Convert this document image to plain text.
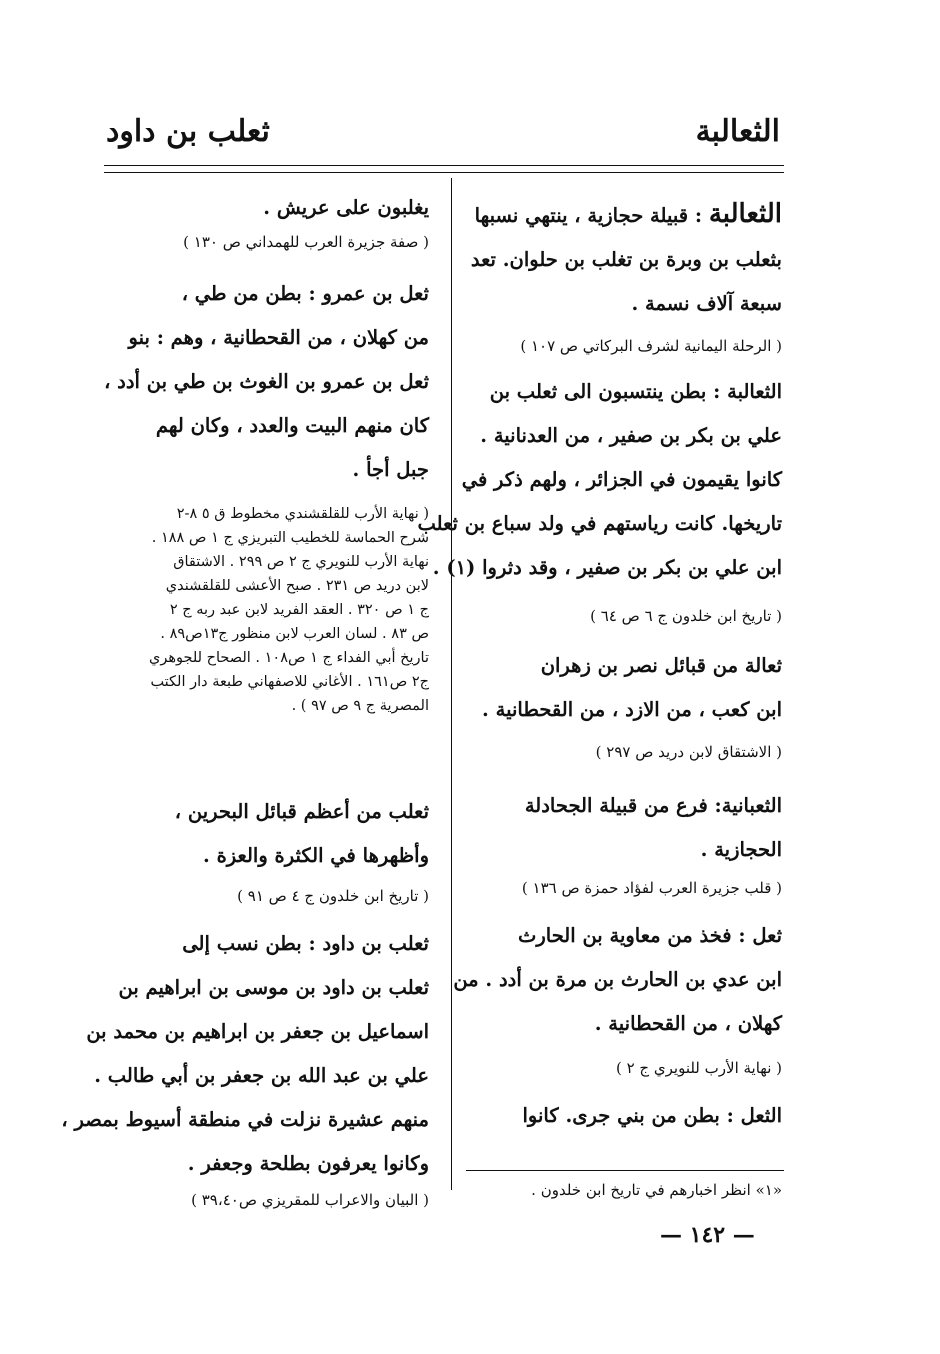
الثعالبة
ثعلب بن داود
الثعالبة : قبيلة حجازية ، ينتهي نسبها
بثعلب بن وبرة بن تغلب بن حلوان. تعد
سبعة آلاف نسمة .
( الرحلة اليمانية لشرف البركاتي ص ١٠٧ )
الثعالبة : بطن ينتسبون الى ثعلب بن
علي بن بكر بن صفير ، من العدنانية .
كانوا يقيمون في الجزائر ، ولهم ذكر في
تاريخها. كانت رياستهم في ولد سباع بن ثعلب
ابن علي بن بكر بن صفير ، وقد دثروا (١) .
( تاريخ ابن خلدون ج ٦ ص ٦٤ )
ثعالة من قبائل نصر بن زهران
ابن كعب ، من الازد ، من القحطانية .
( الاشتقاق لابن دريد ص ٢٩٧ )
الثعبانية: فرع من قبيلة الجحادلة
الحجازية .
( قلب جزيرة العرب لفؤاد حمزة ص ١٣٦ )
ثعل : فخذ من معاوية بن الحارث
ابن عدي بن الحارث بن مرة بن أدد . من
كهلان ، من القحطانية .
( نهاية الأرب للنويري ج ٢ )
الثعل : بطن من بني جرى. كانوا
«١» انظر اخبارهم في تاريخ ابن خلدون .
يغلبون على عريش .
( صفة جزيرة العرب للهمداني ص ١٣٠ )
ثعل بن عمرو : بطن من طي ،
من كهلان ، من القحطانية ، وهم : بنو
ثعل بن عمرو بن الغوث بن طي بن أدد ،
كان منهم البيت والعدد ، وكان لهم
جبل أجأ .
( نهاية الأرب للقلقشندي مخطوط ق ٥ ٨-٢
شرح الحماسة للخطيب التبريزي ج ١ ص ١٨٨ .
نهاية الأرب للنويري ج ٢ ص ٢٩٩ . الاشتقاق
لابن دريد ص ٢٣١ . صبح الأعشى للقلقشندي
ج ١ ص ٣٢٠ . العقد الفريد لابن عبد ربه ج ٢
ص ٨٣ . لسان العرب لابن منظور ج١٣ص٨٩ .
تاريخ أبي الفداء ج ١ ص١٠٨ . الصحاح للجوهري
ج٢ ص١٦١ . الأغاني للاصفهاني طبعة دار الكتب
المصرية ج ٩ ص ٩٧ ) .
ثعلب من أعظم قبائل البحرين ،
وأظهرها في الكثرة والعزة .
( تاريخ ابن خلدون ج ٤ ص ٩١ )
ثعلب بن داود : بطن نسب إلى
ثعلب بن داود بن موسى بن ابراهيم بن
اسماعيل بن جعفر بن ابراهيم بن محمد بن
علي بن عبد الله بن جعفر بن أبي طالب .
منهم عشيرة نزلت في منطقة أسيوط بمصر ،
وكانوا يعرفون بطلحة وجعفر .
( البيان والاعراب للمقريزي ص٣٩،٤٠ )
— ١٤٢ —
